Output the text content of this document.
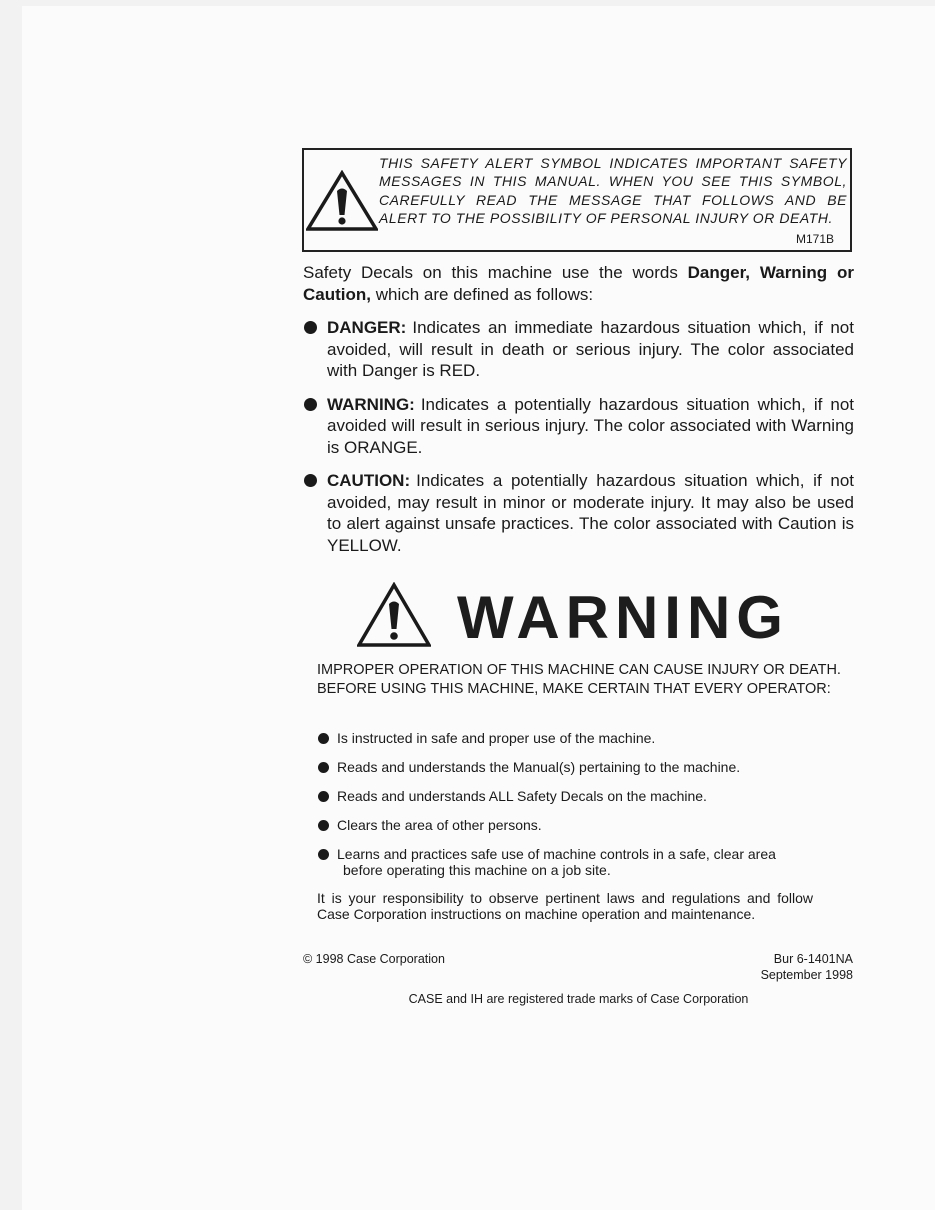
THIS SAFETY ALERT SYMBOL INDICATES IMPORTANT SAFETY MESSAGES IN THIS MANUAL. WHEN YOU SEE THIS SYMBOL, CAREFULLY READ THE MESSAGE THAT FOLLOWS AND BE ALERT TO THE POSSIBILITY OF PERSONAL INJURY OR DEATH.
M171B
Safety Decals on this machine use the words Danger, Warning or Caution, which are defined as follows:
DANGER: Indicates an immediate hazardous situation which, if not avoided, will result in death or serious injury. The color associated with Danger is RED.
WARNING: Indicates a potentially hazardous situation which, if not avoided will result in serious injury. The color associated with Warning is ORANGE.
CAUTION: Indicates a potentially hazardous situation which, if not avoided, may result in minor or moderate injury. It may also be used to alert against unsafe practices. The color associated with Caution is YELLOW.
WARNING
IMPROPER OPERATION OF THIS MACHINE CAN CAUSE INJURY OR DEATH. BEFORE USING THIS MACHINE, MAKE CERTAIN THAT EVERY OPERATOR:
Is instructed in safe and proper use of the machine.
Reads and understands the Manual(s) pertaining to the machine.
Reads and understands ALL Safety Decals on the machine.
Clears the area of other persons.
Learns and practices safe use of machine controls in a safe, clear area
before operating this machine on a job site.
It is your responsibility to observe pertinent laws and regulations and follow Case Corporation instructions on machine operation and maintenance.
© 1998 Case Corporation	Bur 6-1401NA
September 1998
CASE and IH are registered trade marks of Case Corporation
